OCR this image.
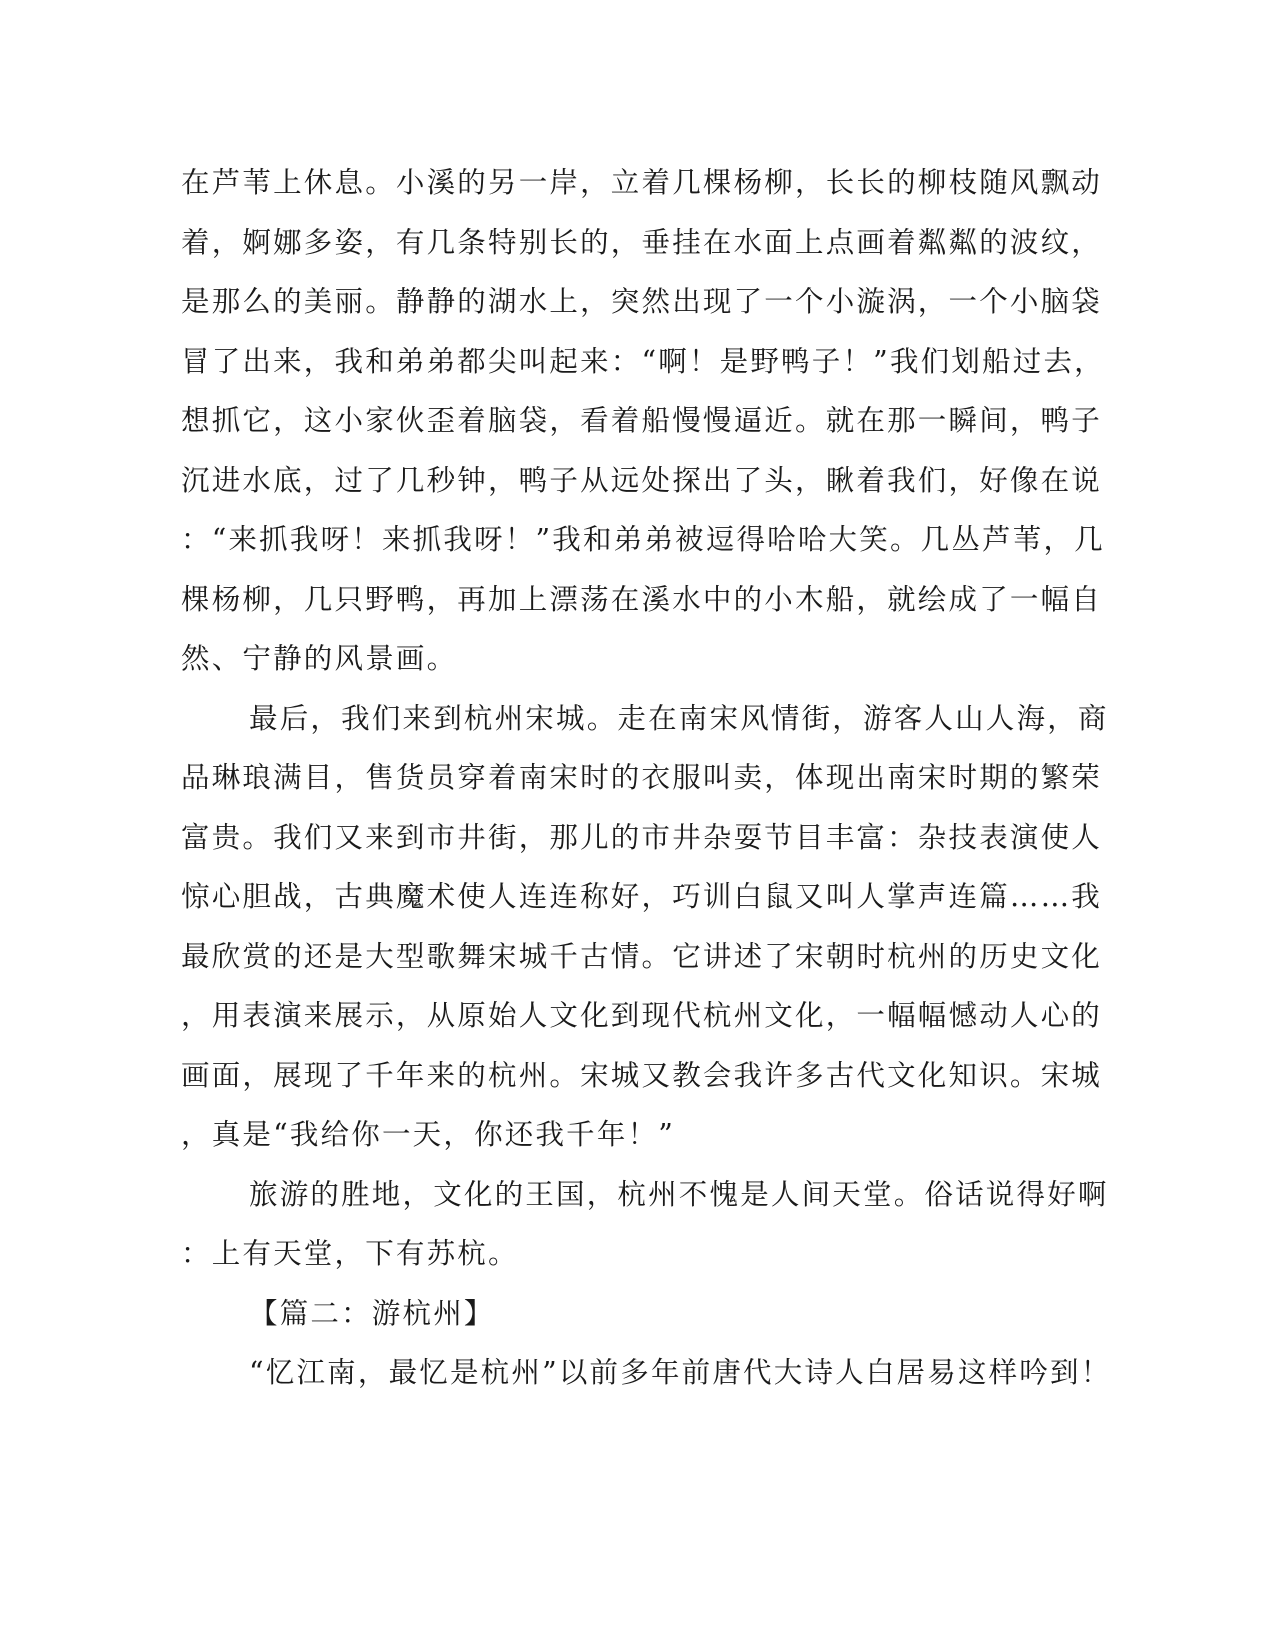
在芦苇上休息。小溪的另一岸，立着几棵杨柳，长长的柳枝随风飘动
着，婀娜多姿，有几条特别长的，垂挂在水面上点画着粼粼的波纹，
是那么的美丽。静静的湖水上，突然出现了一个小漩涡，一个小脑袋
冒了出来，我和弟弟都尖叫起来：“啊！是野鸭子！”我们划船过去，
想抓它，这小家伙歪着脑袋，看着船慢慢逼近。就在那一瞬间，鸭子
沉进水底，过了几秒钟，鸭子从远处探出了头，瞅着我们，好像在说
：“来抓我呀！来抓我呀！”我和弟弟被逗得哈哈大笑。几丛芦苇，几
棵杨柳，几只野鸭，再加上漂荡在溪水中的小木船，就绘成了一幅自
然、宁静的风景画。
最后，我们来到杭州宋城。走在南宋风情街，游客人山人海，商
品琳琅满目，售货员穿着南宋时的衣服叫卖，体现出南宋时期的繁荣
富贵。我们又来到市井街，那儿的市井杂耍节目丰富：杂技表演使人
惊心胆战，古典魔术使人连连称好，巧训白鼠又叫人掌声连篇……我
最欣赏的还是大型歌舞宋城千古情。它讲述了宋朝时杭州的历史文化
，用表演来展示，从原始人文化到现代杭州文化，一幅幅憾动人心的
画面，展现了千年来的杭州。宋城又教会我许多古代文化知识。宋城
，真是“我给你一天，你还我千年！”
旅游的胜地，文化的王国，杭州不愧是人间天堂。俗话说得好啊
：上有天堂，下有苏杭。
【篇二：游杭州】
“忆江南，最忆是杭州”以前多年前唐代大诗人白居易这样吟到！
